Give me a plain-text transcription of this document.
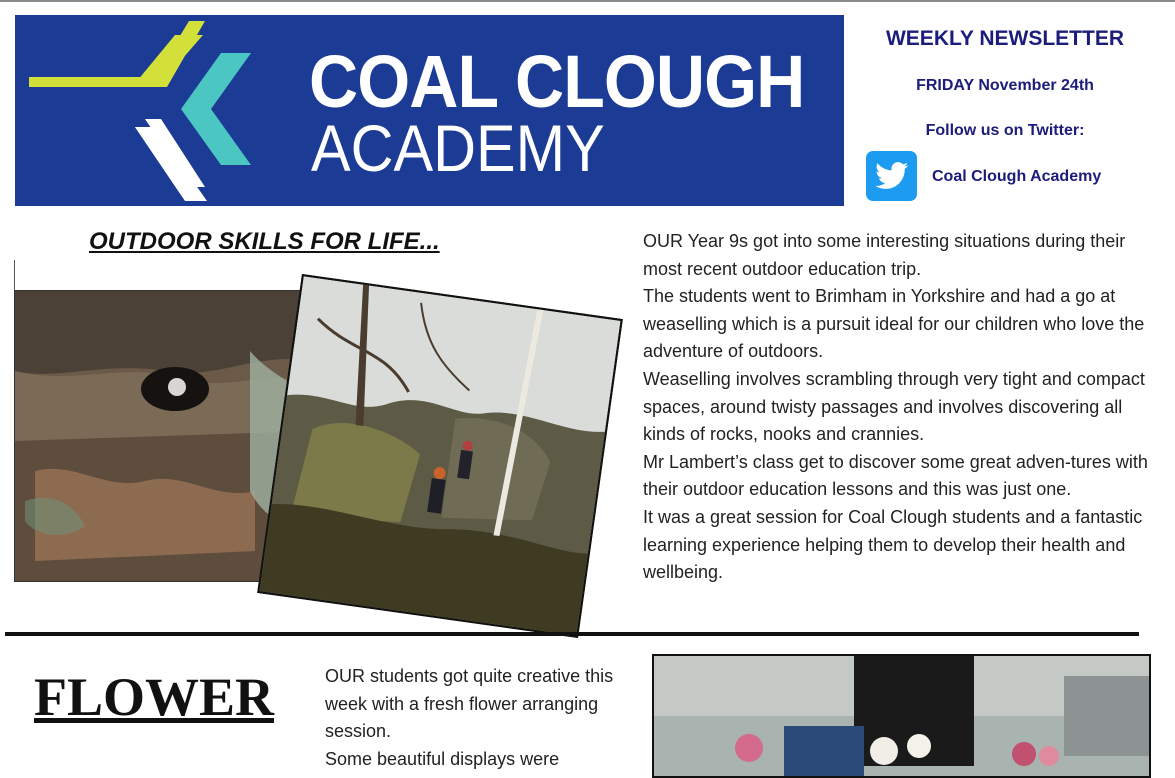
COAL CLOUGH
ACADEMY
WEEKLY NEWSLETTER
FRIDAY November 24th
Follow us on Twitter:
Coal Clough Academy
OUTDOOR SKILLS FOR LIFE...	OUR Year 9s got into some interesting situations during their most recent outdoor education trip.

The students went to Brimham in Yorkshire and had a go at weaselling which is a pursuit ideal for our children who love the adventure of outdoors.

Weaselling involves scrambling through very tight and compact spaces, around twisty passages and involves discovering all kinds of rocks, nooks and crannies.

Mr Lambert’s class get to discover some great adven-tures with their outdoor education lessons and this was just one.

It was a great session for Coal Clough students and a fantastic learning experience helping them to develop their health and wellbeing.

FLOWER	OUR students got quite creative this week with a fresh flower arranging session.

Some beautiful displays were
